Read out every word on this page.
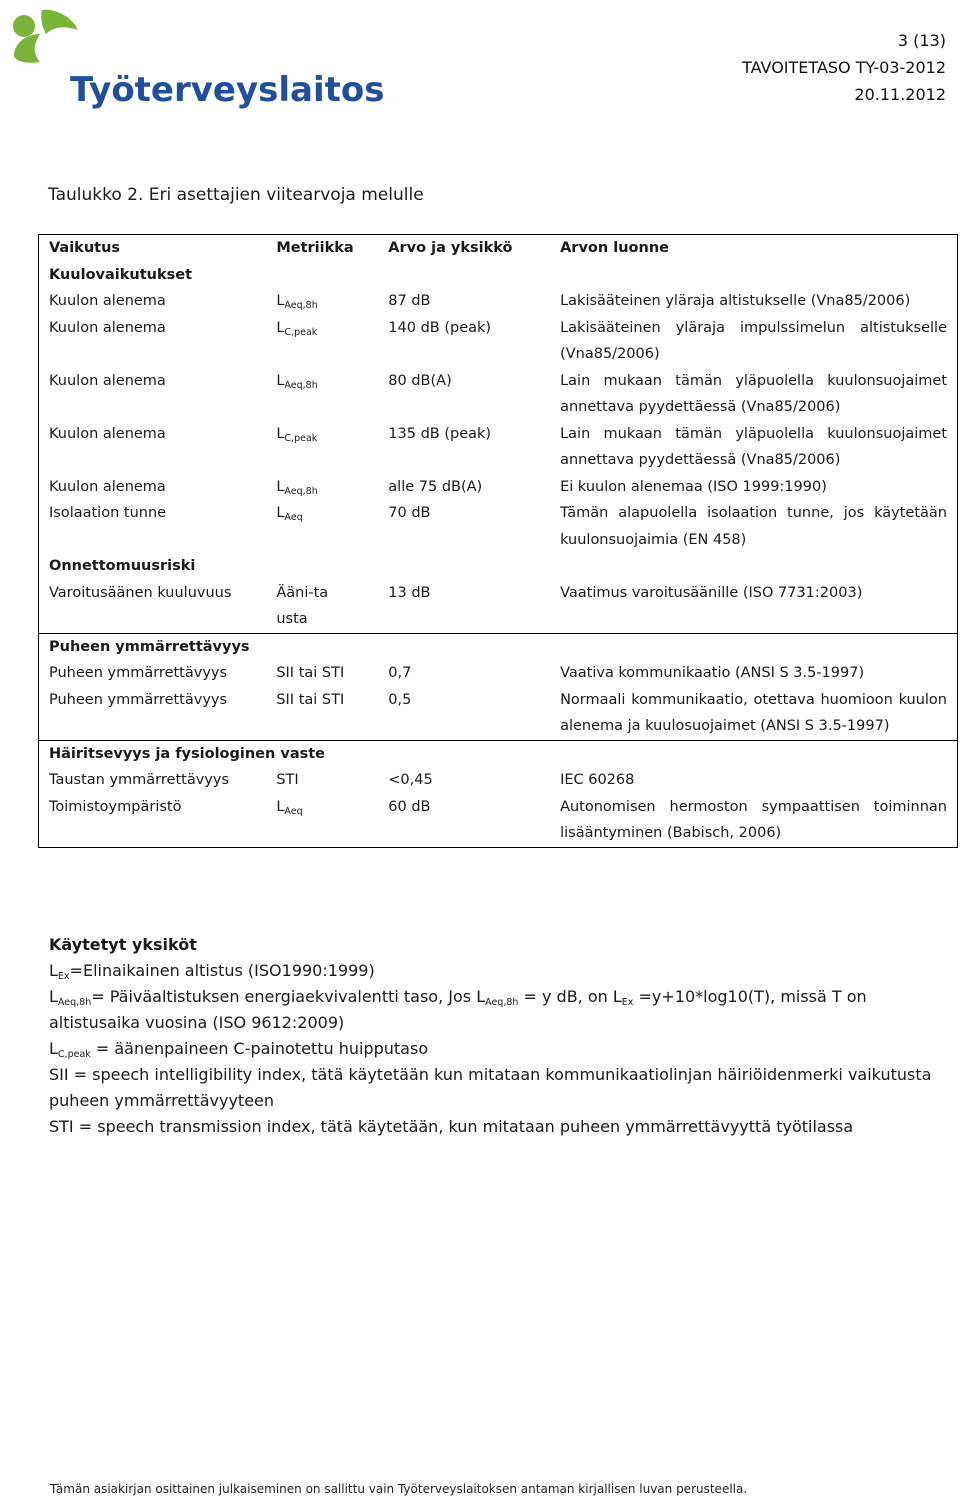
Työterveyslaitos
3 (13)
TAVOITETASO TY-03-2012
20.11.2012
Taulukko 2. Eri asettajien viitearvoja melulle
Vaikutus	Metriikka	Arvo ja yksikkö	Arvon luonne
Kuulovaikutukset			
Kuulon alenema	$L_{Aeq,8h}$	87 dB	Lakisääteinen yläraja altistukselle (Vna85/2006)
Kuulon alenema	$L_{C,peak}$	140 dB (peak)	Lakisääteinen yläraja impulssimelun altistukselle (Vna85/2006)
Kuulon alenema	$L_{Aeq,8h}$	80 dB(A)	Lain mukaan tämän yläpuolella kuulonsuojaimet annettava pyydettäessä (Vna85/2006)
Kuulon alenema	$L_{C,peak}$	135 dB (peak)	Lain mukaan tämän yläpuolella kuulonsuojaimet annettava pyydettäessä (Vna85/2006)
Kuulon alenema	$L_{Aeq,8h}$	alle 75 dB(A)	Ei kuulon alenemaa (ISO 1999:1990)
Isolaation tunne	$L_{Aeq}$	70 dB	Tämän alapuolella isolaation tunne, jos käytetään kuulonsuojaimia (EN 458)
Onnettomuusriski			
Varoitusäänen kuuluvuus	Ääni-tausta	13 dB	Vaatimus varoitusäänille (ISO 7731:2003)
Puheen ymmärrettävyys			
Puheen ymmärrettävyys	SII tai STI	0,7	Vaativa kommunikaatio (ANSI S 3.5-1997)
Puheen ymmärrettävyys	SII tai STI	0,5	Normaali kommunikaatio, otettava huomioon kuulon alenema ja kuulosuojaimet (ANSI S 3.5-1997)
Häiritsevyys ja fysiologinen vaste			
Taustan ymmärrettävyys	STI	<0,45	IEC 60268
Toimistoympäristö	$L_{Aeq}$	60 dB	Autonomisen hermoston sympaattisen toiminnan lisääntyminen (Babisch, 2006)

Käytetyt yksiköt

$L_{Ex}=Elinaikainen$ altistus (ISO1990:1999)

$L_{Aeq,8h}=$ Päiväaltistuksen energiaekvivalentti taso, Jos $L_{Aeq,8h} = y$ dB, on $L_{Ex} =y+10*\log 10(T)$, missä T on altistusaika vuosina (ISO 9612:2009)

$L_{C,peak}$ = äänenpaineen C-painotettu huipputaso

SII = speech intelligibility index, tätä käytetään kun mitataan kommunikaatiolinjan häiriöidenmerki vaikutusta puheen ymmärrettävyyteen

STI = speech transmission index, tätä käytetään, kun mitataan puheen ymmärrettävyyttä työtilassa

Tämän asiakirjan osittainen julkaiseminen on sallittu vain Työterveyslaitoksen antaman kirjallisen luvan perusteella.
